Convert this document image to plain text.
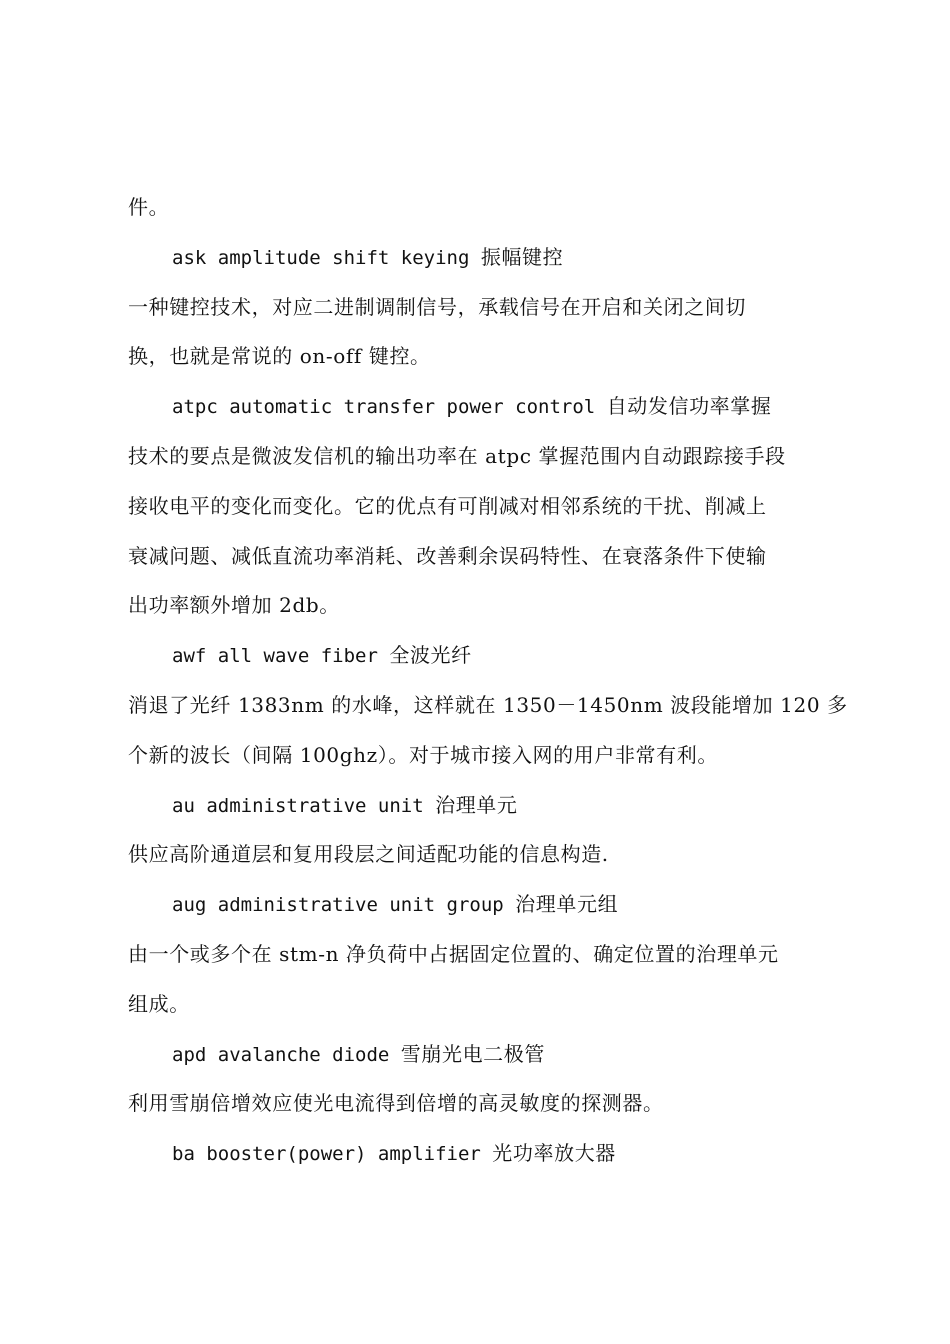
件。
ask amplitude shift keying 振幅键控
一种键控技术，对应二进制调制信号，承载信号在开启和关闭之间切
换，也就是常说的 on-off 键控。
atpc automatic transfer power control 自动发信功率掌握
技术的要点是微波发信机的输出功率在 atpc 掌握范围内自动跟踪接手段
接收电平的变化而变化。它的优点有可削减对相邻系统的干扰、削减上
衰减问题、减低直流功率消耗、改善剩余误码特性、在衰落条件下使输
出功率额外增加 2db。
awf all wave fiber 全波光纤
消退了光纤 1383nm 的水峰，这样就在 1350－1450nm 波段能增加 120 多
个新的波长（间隔 100ghz）。对于城市接入网的用户非常有利。
au administrative unit 治理单元
供应高阶通道层和复用段层之间适配功能的信息构造.
aug administrative unit group 治理单元组
由一个或多个在 stm-n 净负荷中占据固定位置的、确定位置的治理单元
组成。
apd avalanche diode 雪崩光电二极管
利用雪崩倍增效应使光电流得到倍增的高灵敏度的探测器。
ba booster(power) amplifier 光功率放大器
